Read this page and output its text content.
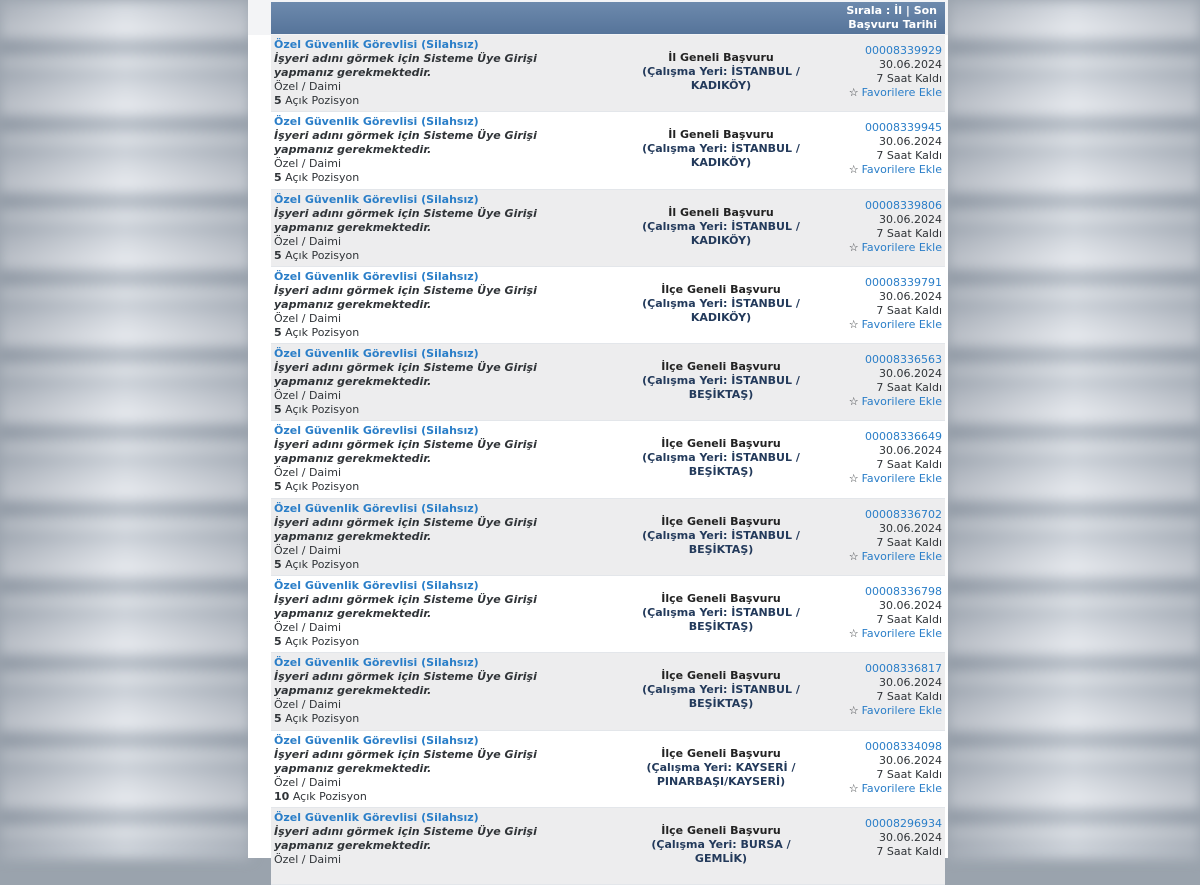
Sırala : İl | Son
Başvuru Tarihi
Özel Güvenlik Görevlisi (Silahsız)
İşyeri adını görmek için Sisteme Üye Girişi yapmanız gerekmektedir.
Özel / Daimi
5 Açık Pozisyon
İl Geneli Başvuru
(Çalışma Yeri: İSTANBUL / KADIKÖY)
00008339929
30.06.2024
7 Saat Kaldı
☆ Favorilere Ekle
Özel Güvenlik Görevlisi (Silahsız)
İşyeri adını görmek için Sisteme Üye Girişi yapmanız gerekmektedir.
Özel / Daimi
5 Açık Pozisyon
İl Geneli Başvuru
(Çalışma Yeri: İSTANBUL / KADIKÖY)
00008339945
30.06.2024
7 Saat Kaldı
☆ Favorilere Ekle
Özel Güvenlik Görevlisi (Silahsız)
İşyeri adını görmek için Sisteme Üye Girişi yapmanız gerekmektedir.
Özel / Daimi
5 Açık Pozisyon
İl Geneli Başvuru
(Çalışma Yeri: İSTANBUL / KADIKÖY)
00008339806
30.06.2024
7 Saat Kaldı
☆ Favorilere Ekle
Özel Güvenlik Görevlisi (Silahsız)
İşyeri adını görmek için Sisteme Üye Girişi yapmanız gerekmektedir.
Özel / Daimi
5 Açık Pozisyon
İlçe Geneli Başvuru
(Çalışma Yeri: İSTANBUL / KADIKÖY)
00008339791
30.06.2024
7 Saat Kaldı
☆ Favorilere Ekle
Özel Güvenlik Görevlisi (Silahsız)
İşyeri adını görmek için Sisteme Üye Girişi yapmanız gerekmektedir.
Özel / Daimi
5 Açık Pozisyon
İlçe Geneli Başvuru
(Çalışma Yeri: İSTANBUL / BEŞİKTAŞ)
00008336563
30.06.2024
7 Saat Kaldı
☆ Favorilere Ekle
Özel Güvenlik Görevlisi (Silahsız)
İşyeri adını görmek için Sisteme Üye Girişi yapmanız gerekmektedir.
Özel / Daimi
5 Açık Pozisyon
İlçe Geneli Başvuru
(Çalışma Yeri: İSTANBUL / BEŞİKTAŞ)
00008336649
30.06.2024
7 Saat Kaldı
☆ Favorilere Ekle
Özel Güvenlik Görevlisi (Silahsız)
İşyeri adını görmek için Sisteme Üye Girişi yapmanız gerekmektedir.
Özel / Daimi
5 Açık Pozisyon
İlçe Geneli Başvuru
(Çalışma Yeri: İSTANBUL / BEŞİKTAŞ)
00008336702
30.06.2024
7 Saat Kaldı
☆ Favorilere Ekle
Özel Güvenlik Görevlisi (Silahsız)
İşyeri adını görmek için Sisteme Üye Girişi yapmanız gerekmektedir.
Özel / Daimi
5 Açık Pozisyon
İlçe Geneli Başvuru
(Çalışma Yeri: İSTANBUL / BEŞİKTAŞ)
00008336798
30.06.2024
7 Saat Kaldı
☆ Favorilere Ekle
Özel Güvenlik Görevlisi (Silahsız)
İşyeri adını görmek için Sisteme Üye Girişi yapmanız gerekmektedir.
Özel / Daimi
5 Açık Pozisyon
İlçe Geneli Başvuru
(Çalışma Yeri: İSTANBUL / BEŞİKTAŞ)
00008336817
30.06.2024
7 Saat Kaldı
☆ Favorilere Ekle
Özel Güvenlik Görevlisi (Silahsız)
İşyeri adını görmek için Sisteme Üye Girişi yapmanız gerekmektedir.
Özel / Daimi
10 Açık Pozisyon
İlçe Geneli Başvuru
(Çalışma Yeri: KAYSERİ / PINARBAŞI/KAYSERİ)
00008334098
30.06.2024
7 Saat Kaldı
☆ Favorilere Ekle
Özel Güvenlik Görevlisi (Silahsız)
İşyeri adını görmek için Sisteme Üye Girişi yapmanız gerekmektedir.
Özel / Daimi
İlçe Geneli Başvuru
(Çalışma Yeri: BURSA / GEMLİK)
00008296934
30.06.2024
7 Saat Kaldı
